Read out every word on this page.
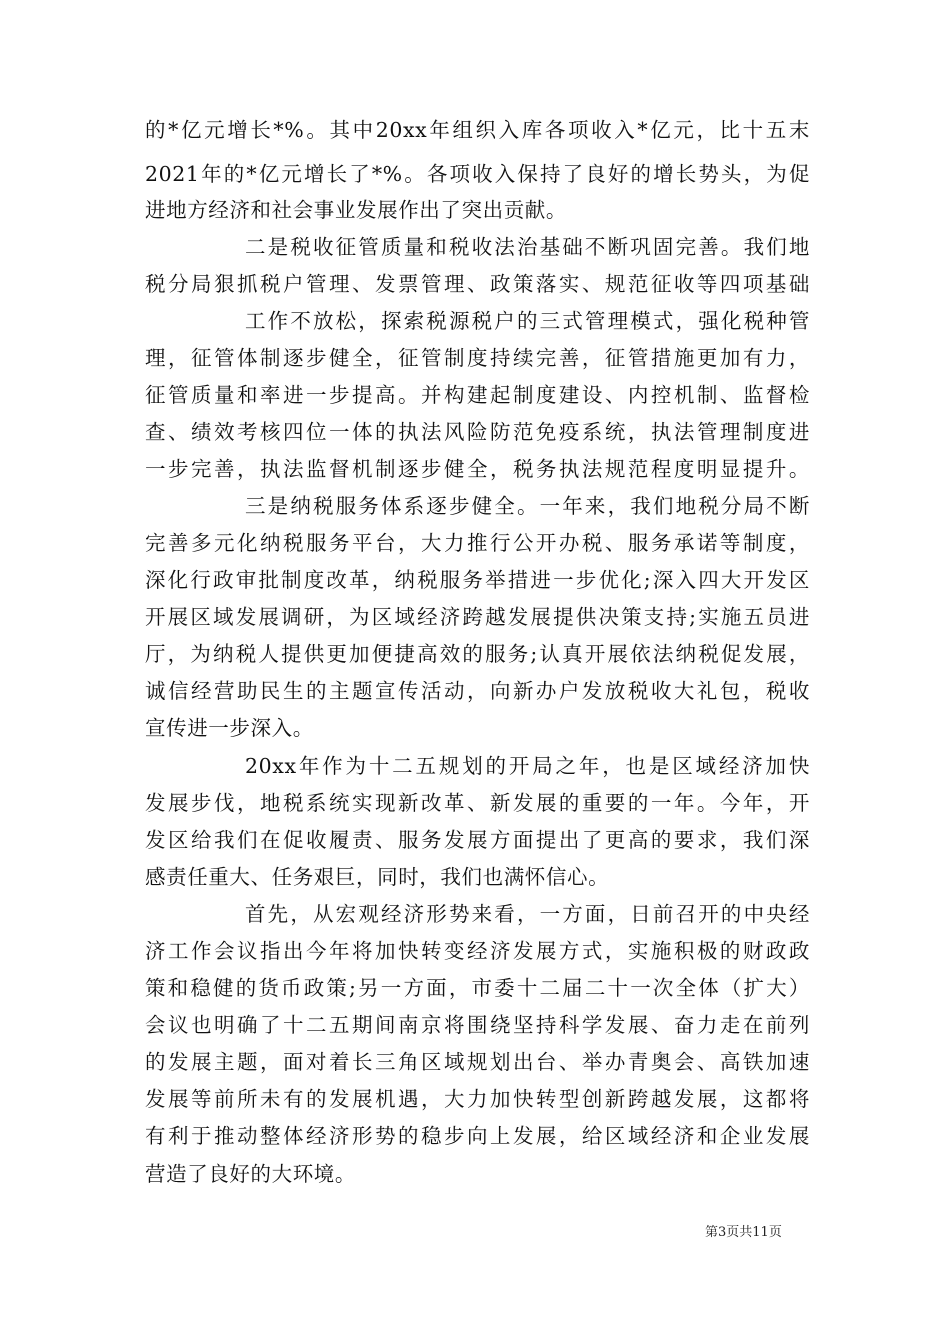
的*亿元增长*%。其中20xx年组织入库各项收入*亿元，比十五末
2021年的*亿元增长了*%。各项收入保持了良好的增长势头，为促
进地方经济和社会事业发展作出了突出贡献。
二是税收征管质量和税收法治基础不断巩固完善。我们地
税分局狠抓税户管理、发票管理、政策落实、规范征收等四项基础
工作不放松，探索税源税户的三式管理模式，强化税种管
理，征管体制逐步健全，征管制度持续完善，征管措施更加有力，
征管质量和率进一步提高。并构建起制度建设、内控机制、监督检
查、绩效考核四位一体的执法风险防范免疫系统，执法管理制度进
一步完善，执法监督机制逐步健全，税务执法规范程度明显提升。
三是纳税服务体系逐步健全。一年来，我们地税分局不断
完善多元化纳税服务平台，大力推行公开办税、服务承诺等制度，
深化行政审批制度改革，纳税服务举措进一步优化;深入四大开发区
开展区域发展调研，为区域经济跨越发展提供决策支持;实施五员进
厅，为纳税人提供更加便捷高效的服务;认真开展依法纳税促发展，
诚信经营助民生的主题宣传活动，向新办户发放税收大礼包，税收
宣传进一步深入。
20xx年作为十二五规划的开局之年，也是区域经济加快
发展步伐，地税系统实现新改革、新发展的重要的一年。今年，开
发区给我们在促收履责、服务发展方面提出了更高的要求，我们深
感责任重大、任务艰巨，同时，我们也满怀信心。
首先，从宏观经济形势来看，一方面，日前召开的中央经
济工作会议指出今年将加快转变经济发展方式，实施积极的财政政
策和稳健的货币政策;另一方面，市委十二届二十一次全体（扩大）
会议也明确了十二五期间南京将围绕坚持科学发展、奋力走在前列
的发展主题，面对着长三角区域规划出台、举办青奥会、高铁加速
发展等前所未有的发展机遇，大力加快转型创新跨越发展，这都将
有利于推动整体经济形势的稳步向上发展，给区域经济和企业发展
营造了良好的大环境。
第3页共11页
